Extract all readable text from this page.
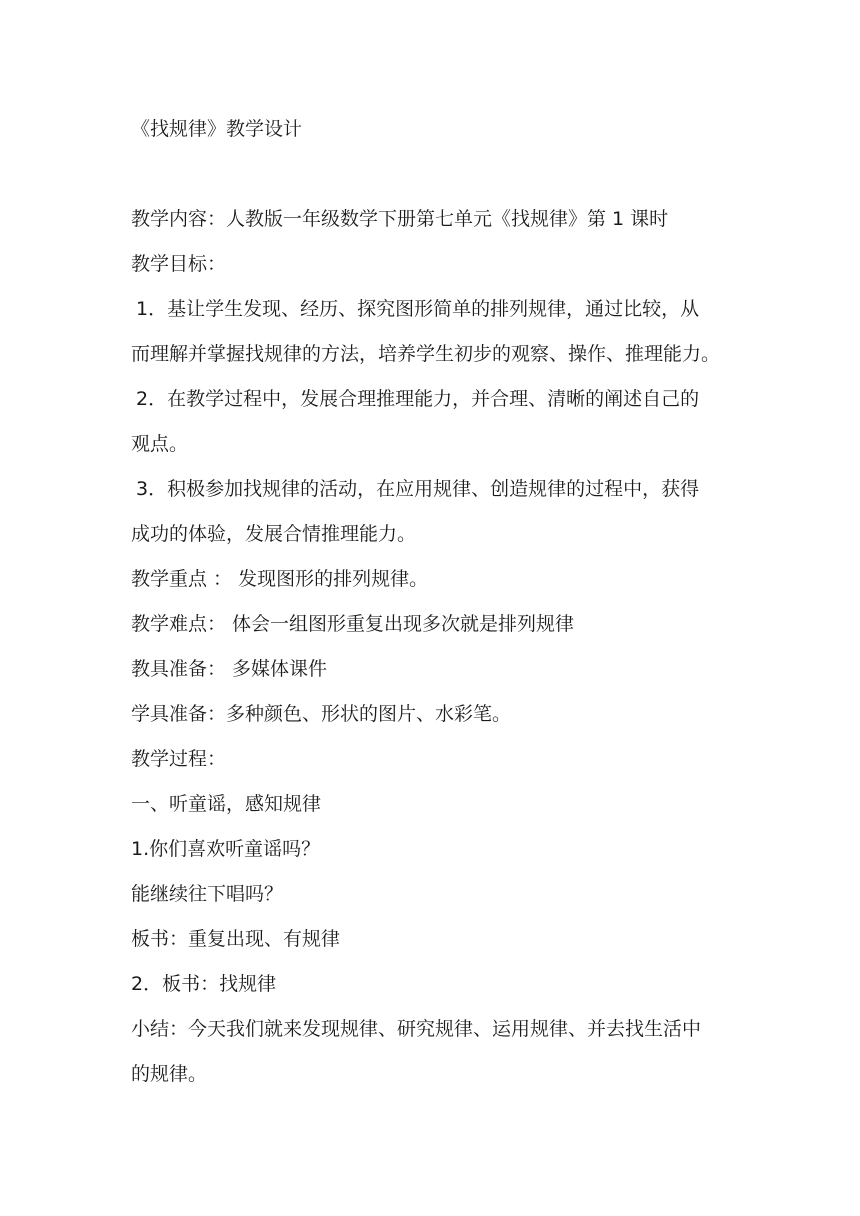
《找规律》教学设计
教学内容：人教版一年级数学下册第七单元《找规律》第 1 课时
教学目标：
1．基让学生发现、经历、探究图形简单的排列规律，通过比较，从
而理解并掌握找规律的方法，培养学生初步的观察、操作、推理能力。
2．在教学过程中，发展合理推理能力，并合理、清晰的阐述自己的
观点。
3．积极参加找规律的活动，在应用规律、创造规律的过程中，获得
成功的体验，发展合情推理能力。
教学重点 ： 发现图形的排列规律。
教学难点： 体会一组图形重复出现多次就是排列规律
教具准备： 多媒体课件
学具准备：多种颜色、形状的图片、水彩笔。
教学过程：
一、听童谣，感知规律
1.你们喜欢听童谣吗？
能继续往下唱吗？
板书：重复出现、有规律
2．板书：找规律
小结：今天我们就来发现规律、研究规律、运用规律、并去找生活中
的规律。
